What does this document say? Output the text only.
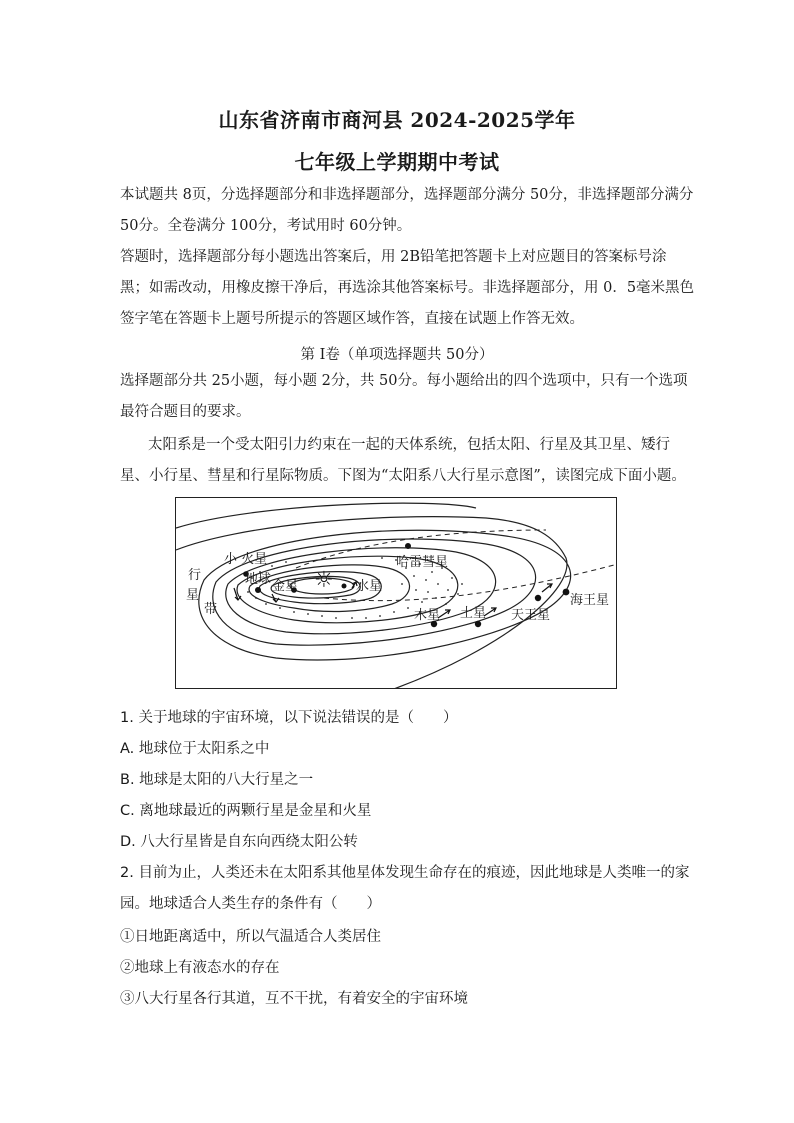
山东省济南市商河县 2024-2025学年
七年级上学期期中考试

本试题共 8页，分选择题部分和非选择题部分，选择题部分满分 50分，非选择题部分满分
50分。全卷满分 100分，考试用时 60分钟。

答题时，选择题部分每小题选出答案后，用 2B铅笔把答题卡上对应题目的答案标号涂
黑；如需改动，用橡皮擦干净后，再选涂其他答案标号。非选择题部分，用 0．5毫米黑色
签字笔在答题卡上题号所提示的答题区域作答，直接在试题上作答无效。

第 I卷（单项选择题共 50分）

选择题部分共 25小题，每小题 2分，共 50分。每小题给出的四个选项中，只有一个选项
最符合题目的要求。

太阳系是一个受太阳引力约束在一起的天体系统，包括太阳、行星及其卫星、矮行
星、小行星、彗星和行星际物质。下图为“太阳系八大行星示意图”，读图完成下面小题。

小 火星
地球 金星 ☼ 水星
哈雷彗星
木星 土星 天王星
海王星
行
星
带
1. 关于地球的宇宙环境，以下说法错误的是（　　）
A. 地球位于太阳系之中
B. 地球是太阳的八大行星之一
C. 离地球最近的两颗行星是金星和火星
D. 八大行星皆是自东向西绕太阳公转
2. 目前为止，人类还未在太阳系其他星体发现生命存在的痕迹，因此地球是人类唯一的家
园。地球适合人类生存的条件有（　　）
①日地距离适中，所以气温适合人类居住
②地球上有液态水的存在
③八大行星各行其道，互不干扰，有着安全的宇宙环境
